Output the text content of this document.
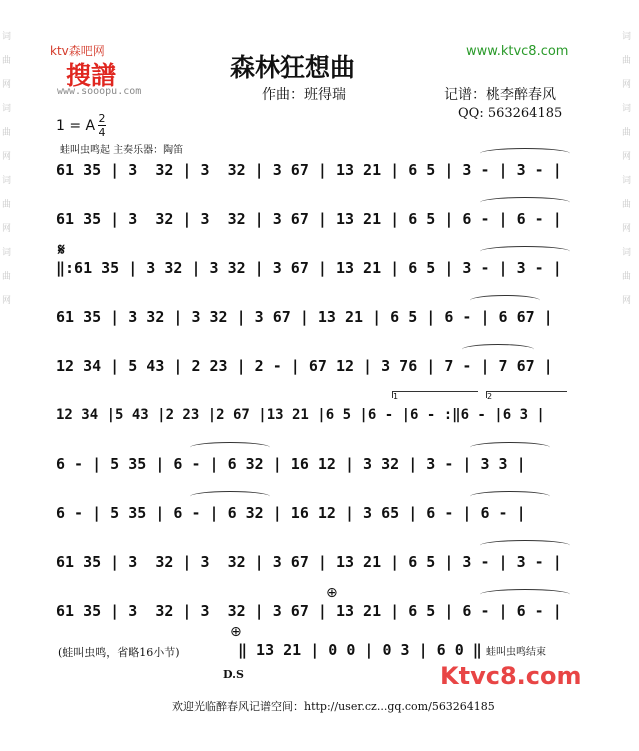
词
曲
网
词
曲
网
词
曲
网
词
曲
网
词
曲
网
词
曲
网
词
曲
网
词
曲
网
ktv森吧网
搜譜
www.sooopu.com
森林狂想曲
www.ktvc8.com
作曲：班得瑞	记谱：桃李醉春风
QQ: 563264185
1 = A 2
4
蛙叫虫鸣起 主奏乐器：陶笛
61 35 | 3  32 | 3  32 | 3 67 | 13 21 | 6 5 | 3 - | 3 - |
61 35 | 3  32 | 3  32 | 3 67 | 13 21 | 6 5 | 6 - | 6 - |
𝄋
‖:61 35 | 3 32 | 3 32 | 3 67 | 13 21 | 6 5 | 3 - | 3 - |
61 35 | 3 32 | 3 32 | 3 67 | 13 21 | 6 5 | 6 - | 6 67 |
12 34 | 5 43 | 2 23 | 2 - | 67 12 | 3 76 | 7 - | 7 67 |
1	2
12 34 |5 43 |2 23 |2 67 |13 21 |6 5 |6 - |6 - :‖6 - |6 3 |
6 - | 5 35 | 6 - | 6 32 | 16 12 | 3 32 | 3 - | 3 3 |
6 - | 5 35 | 6 - | 6 32 | 16 12 | 3 65 | 6 - | 6 - |
61 35 | 3  32 | 3  32 | 3 67 | 13 21 | 6 5 | 3 - | 3 - |
⊕
61 35 | 3  32 | 3  32 | 3 67 | 13 21 | 6 5 | 6 - | 6 - |
⊕
(蛙叫虫鸣，省略16小节)	‖ 13 21 | 0 0 | 0 3 | 6 0 ‖ 蛙叫虫鸣结束
D.S	Ktvc8.com
欢迎光临醉春风记谱空间：http://user.cz...gq.com/563264185
